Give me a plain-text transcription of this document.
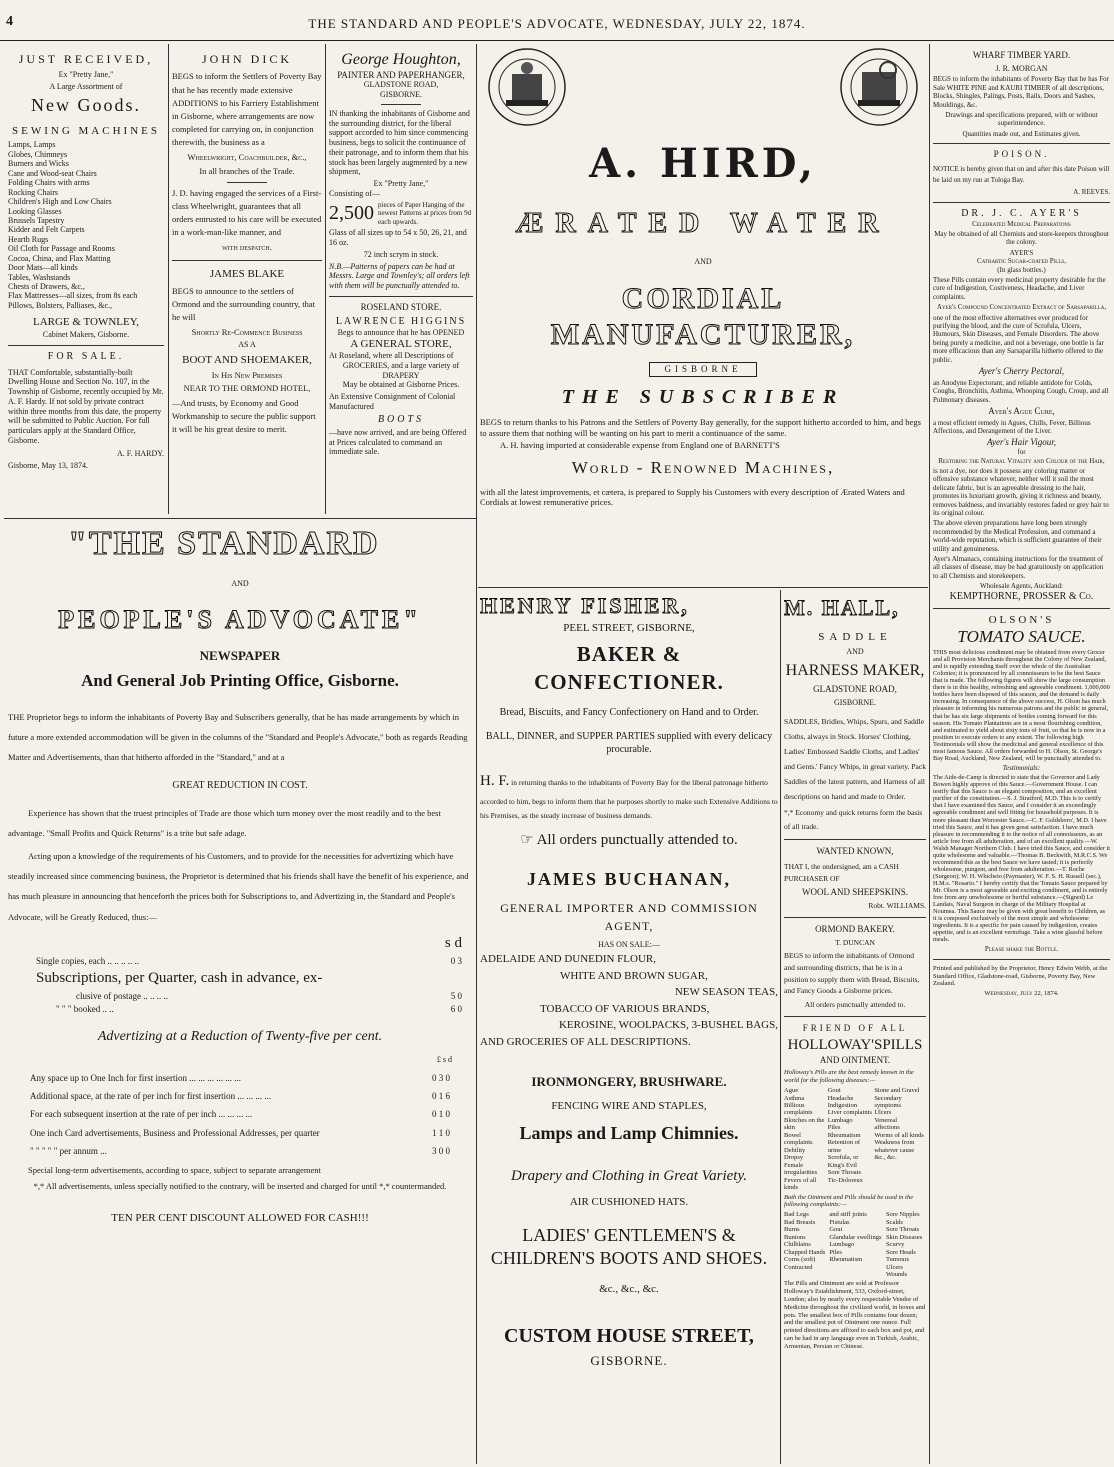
4	THE STANDARD AND PEOPLE'S ADVOCATE, WEDNESDAY, JULY 22, 1874.
JUST RECEIVED,
Ex "Pretty Jane,"
A Large Assortment of
New Goods.
SEWING MACHINES
Lamps, Lamps
Globes, Chimneys
Burners and Wicks
Cane and Wood-seat Chairs
Folding Chairs with arms
Rocking Chairs
Children's High and Low Chairs
Looking Glasses
Brussels Tapestry
Kidder and Felt Carpets
Hearth Rugs
Oil Cloth for Passage and Rooms
Cocoa, China, and Flax Matting
Door Mats—all kinds
Tables, Washstands
Chests of Drawers, &c.,
Flax Mattresses—all sizes, from 8s each
Pillows, Bolsters, Palliases, &c.,
LARGE & TOWNLEY,
Cabinet Makers, Gisborne.
FOR SALE.

THAT Comfortable, substantially-built Dwelling House and Section No. 107, in the Township of Gisborne, recently occupied by Mr. A. F. Hardy. If not sold by private contract within three months from this date, the property will be submitted to Public Auction. For full particulars apply at the Standard Office, Gisborne.

A. F. HARDY.
Gisborne, May 13, 1874.
JOHN DICK

BEGS to inform the Settlers of Poverty Bay that he has recently made extensive ADDITIONS to his Farriery Establishment in Gisborne, where arrangements are now completed for carrying on, in conjunction therewith, the business as a

Wheelwright, Coachbuilder, &c.,
In all branches of the Trade.

J. D. having engaged the services of a First-class Wheelwright, guarantees that all orders entrusted to his care will be executed in a work-man-like manner, and

with despatch.
JAMES BLAKE

BEGS to announce to the settlers of Ormond and the surrounding country, that he will

Shortly Re-Commence Business
AS A
BOOT AND SHOEMAKER,
In His New Premises
NEAR TO THE ORMOND HOTEL,

—And trusts, by Economy and Good Workmanship to secure the public support it will be his great desire to merit.

George Houghton,
PAINTER AND PAPERHANGER,
GLADSTONE ROAD,
GISBORNE.

IN thanking the inhabitants of Gisborne and the surrounding district, for the liberal support accorded to him since commencing business, begs to solicit the continuance of their patronage, and to inform them that his stock has been largely augmented by a new shipment,

Ex "Pretty Jane,"
Consisting of—
2,500 pieces of Paper Hanging of the newest Patterns at prices from 9d each upwards.

Glass of all sizes up to 54 x 50, 26, 21, and 16 oz.

72 inch scrym in stock.

N.B.—Patterns of papers can be had at Messrs. Large and Townley's; all orders left with them will be punctually attended to.

ROSELAND STORE.
LAWRENCE HIGGINS
Begs to announce that he has OPENED
A GENERAL STORE,
At Roseland, where all Descriptions of
GROCERIES, and a large variety of DRAPERY
May be obtained at Gisborne Prices.

An Extensive Consignment of Colonial Manufactured

BOOTS

—have now arrived, and are being Offered at Prices calculated to command an immediate sale.

"THE STANDARD
AND
PEOPLE'S ADVOCATE"
NEWSPAPER
And General Job Printing Office, Gisborne.

THE Proprietor begs to inform the inhabitants of Poverty Bay and Subscribers generally, that he has made arrangements by which in future a more extended accommodation will be given in the columns of the "Standard and People's Advocate," both as regards Reading Matter and Advertisements, than that hitherto afforded in the "Standard," and at a

GREAT REDUCTION IN COST.

Experience has shown that the truest principles of Trade are those which turn money over the most readily and to the best advantage. "Small Profits and Quick Returns" is a trite but safe adage.

Acting upon a knowledge of the requirements of his Customers, and to provide for the necessities for advertizing which have steadily increased since commencing business, the Proprietor is determined that his friends shall have the benefit of his experience, and has much pleasure in announcing that henceforth the prices both for Subscriptions to, and Advertizing in, the Standard and People's Advocate, will be Greatly Reduced, thus:—

s d
Single copies, each .. .. .. .. ..	0 3
Subscriptions, per Quarter, cash in advance, ex-
clusive of postage .. .. .. ..	5 0
" " " booked .. ..	6 0
Advertizing at a Reduction of Twenty-five per cent.
£ s d
Any space up to One Inch for first insertion ... ... ... ... ... ...	0 3 0
Additional space, at the rate of per inch for first insertion ... ... ... ...	0 1 6
For each subsequent insertion at the rate of per inch ... ... ... ...	0 1 0
One inch Card advertisements, Business and Professional Addresses, per quarter	1 1 0
" " " " " per annum ...	3 0 0

Special long-term advertisements, according to space, subject to separate arrangement

*,* All advertisements, unless specially notified to the contrary, will be inserted and charged for until *,* countermanded.

TEN PER CENT DISCOUNT ALLOWED FOR CASH!!!
A. HIRD,
ÆRATED WATER
AND
CORDIAL MANUFACTURER,
GISBORNE
THE SUBSCRIBER

BEGS to return thanks to his Patrons and the Settlers of Poverty Bay generally, for the support hitherto accorded to him, and begs to assure them that nothing will be wanting on his part to merit a continuance of the same.

A. H. having imported at considerable expense from England one of BARNETT'S

World - Renowned Machines,

with all the latest improvements, et cætera, is prepared to Supply his Customers with every description of Ærated Waters and Cordials at lowest remunerative prices.

HENRY FISHER,
PEEL STREET, GISBORNE,
BAKER & CONFECTIONER.

Bread, Biscuits, and Fancy Confectionery on Hand and to Order.

BALL, DINNER, and SUPPER PARTIES supplied with every delicacy procurable.

H. F. in returning thanks to the inhabitants of Poverty Bay for the liberal patronage hitherto accorded to him, begs to inform them that he purposes shortly to make such Extensive Additions to his Premises, as the steady increase of business demands.

☞ All orders punctually attended to.
JAMES BUCHANAN,
GENERAL IMPORTER AND COMMISSION AGENT,
HAS ON SALE:—
ADELAIDE AND DUNEDIN FLOUR,
WHITE AND BROWN SUGAR,
NEW SEASON TEAS,
TOBACCO OF VARIOUS BRANDS,
KEROSINE, WOOLPACKS, 3-BUSHEL BAGS,
AND GROCERIES OF ALL DESCRIPTIONS.
IRONMONGERY, BRUSHWARE.
FENCING WIRE AND STAPLES,
Lamps and Lamp Chimnies.
Drapery and Clothing in Great Variety.
AIR CUSHIONED HATS.
LADIES' GENTLEMEN'S & CHILDREN'S BOOTS AND SHOES.
&c., &c., &c.
CUSTOM HOUSE STREET,
GISBORNE.
M. HALL,
SADDLE
AND
HARNESS MAKER,
GLADSTONE ROAD,
GISBORNE.

SADDLES, Bridles, Whips, Spurs, and Saddle Cloths, always in Stock. Horses' Clothing, Ladies' Embossed Saddle Cloths, and Ladies' and Gents.' Fancy Whips, in great variety. Pack Saddles of the latest pattern, and Harness of all descriptions on hand and made to Order.

*,* Economy and quick returns form the basis of all trade.

WANTED KNOWN,

THAT I, the undersigned, am a CASH PURCHASER OF

WOOL AND SHEEPSKINS.
Robt. WILLIAMS.
ORMOND BAKERY.
T. DUNCAN

BEGS to inform the inhabitants of Ormond and surrounding districts, that he is in a position to supply them with Bread, Biscuits, and Fancy Goods a Gisborne prices.

All orders punctually attended to.
FRIEND OF ALL
HOLLOWAY'SPILLS
AND OINTMENT.

Holloway's Pills are the best remedy known in the world for the following diseases:—

Ague
Asthma
Billious complaints
Blotches on the skin
Bowel complaints
Debility
Dropsy
Female irregularities
Fevers of all kinds

Gout
Headache
Indigestion
Liver complaints
Lumbago
Piles
Rheumatism
Retention of urine
Scrofula, or King's Evil
Sore Throats
Tic-Doloreux

Stone and Gravel
Secondary symptoms
Ulcers
Venereal affections
Worms of all kinds
Weakness from whatever cause
&c., &c.

Both the Ointment and Pills should be used in the following complaints:—

Bad Legs
Bad Breasts
Burns
Bunions
Chilblains
Chapped Hands
Corns (soft)
Contracted

and stiff joints
Fistulas
Gout
Glandular swellings
Lumbago
Piles
Rheumatism

Sore Nipples
Scalds
Sore Throats
Skin Diseases
Scurvy
Sore Heads
Tumours
Ulcers
Wounds

The Pills and Ointment are sold at Professor Holloway's Establishment, 533, Oxford-street, London; also by nearly every respectable Vendor of Medicine throughout the civilized world, in boxes and pots. The smallest box of Pills contains four dozen; and the smallest pot of Ointment one ounce. Full printed directions are affixed to each box and pot, and can be had in any language even in Turkish, Arabic, Armenian, Persian or Chinese.

WHARF TIMBER YARD.
J. R. MORGAN

BEGS to inform the inhabitants of Poverty Bay that he has For Sale WHITE PINE and KAURI TIMBER of all descriptions, Blocks, Shingles, Palings, Posts, Rails, Doors and Sashes, Mouldings, &c.

Drawings and specifications prepared, with or without superintendence.

Quantities made out, and Estimates given.

POISON.

NOTICE is hereby given that on and after this date Poison will be laid on my run at Tologa Bay.

A. REEVES.
DR. J. C. AYER'S
Celebrated Medical Preparations

May be obtained of all Chemists and store-keepers throughout the colony.

AYER'S
Cathartic Sugar-coated Pills,
(In glass bottles.)

These Pills contain every medicinal property desirable for the cure of Indigestion, Costiveness, Headache, and Liver complaints.

Ayer's Compound Concentrated Extract of Sarsaparilla,

one of the most effective alternatives ever produced for purifying the blood, and the cure of Scrofula, Ulcers, Humours, Skin Diseases, and Female Disorders. The above being purely a medicine, and not a beverage, one bottle is far more efficacious than any Sarsaparilla hitherto offered to the public.

Ayer's Cherry Pectoral,

an Anodyne Expectorant, and reliable antidote for Colds, Coughs, Bronchitis, Asthma, Whooping Cough, Croup, and all Pulmonary diseases.

Ayer's Ague Cure,

a most efficient remedy in Agues, Chills, Fever, Billious Affections, and Derangement of the Liver.

Ayer's Hair Vigour,
for
Restoring the Natural Vitality and Colour of the Hair,

is not a dye, nor does it possess any coloring matter or offensive substance whatever, neither will it soil the most delicate fabric, but is an agreeable dressing to the hair, promotes its luxuriant growth, giving it richness and beauty, removes baldness, and invariably restores faded or grey hair to its original colour.

The above eleven preparations have long been strongly recommended by the Medical Profession, and command a world-wide reputation, which is sufficient guarantee of their utility and genuineness.

Ayer's Almanacs, containing instructions for the treatment of all classes of disease, may be had gratuitously on application to all Chemists and storekeepers.

Wholesale Agents, Auckland:
KEMPTHORNE, PROSSER & Co.
OLSON'S
TOMATO SAUCE.

THIS most delicious condiment may be obtained from every Grocer and all Provision Merchants throughout the Colony of New Zealand, and is rapidly extending itself over the whole of the Australian Colonies; it is pronounced by all connoisseurs to be the best Sauce that is made. The following figures will show the large consumption there is in this healthy, refreshing and agreeable condiment. 1,000,000 bottles have been disposed of this season, and the demand is daily increasing. In consequence of the above success, H. Olson has much pleasure in informing his numerous patrons and the public in general, that he has six large shipments of bottles coming forward for this season. His Tomato Plantations are in a most flourishing condition, and estimated to yield about sixty tons of fruit, so that he is now in a position to execute orders to any extent. The following high Testimonials will show the medicinal and general excellence of this most famous Sauce. All orders forwarded to H. Olson, St. George's Bay Road, Auckland, New Zealand, will be punctually attended to.

Testimonials:

The Aide-de-Camp is directed to state that the Governor and Lady Bowen highly approve of this Sauce.—Government House. I can testify that this Sauce is an elegant composition, and an excellent purifier of the constitution.—S. J. Stratford, M.D. This is to certify that I have examined this Sauce, and I consider it an exceedingly agreeable condiment and well fitting for household purposes. It is more pleasant than Worcester Sauce.—C. F. Goldsboro', M.D. I have tried this Sauce, and it has given great satisfaction. I have much pleasure in recommending it to the notice of all connoisseurs, as an article free from all adulteration, and of an excellent quality.—W. Walsh Manager Northern Club. I have tried this Sauce, and consider it quite wholesome and valuable.—Thomas B. Beckwith, M.R.C.S. We recommend this as the best Sauce we have tasted; it is perfectly wholesome, pungent, and free from adulteration.—T. Roche (Surgeon); W. H. Whicheio (Paymaster), W. F. S. H. Russell (sec.), H.M.s. "Rosario." I hereby certify that the Tomato Sauce prepared by Mr. Olson is a most agreeable and exciting condiment, and is entirely free from any unwholesome or hurtful substance.—(Signed) Le Landais, Naval Surgeon in charge of the Military Hospital at Noumea. This Sauce may be given with great benefit to Children, as it is composed exclusively of the most simple and wholesome ingredients. It is a specific for pain caused by indigestion, creates appetite, and is an excellent vermifuge. Take a wine glassful before meals.

Please shake the Bottle.

Printed and published by the Proprietor, Henry Edwin Webb, at the Standard Office, Gladstone-road, Gisborne, Poverty Bay, New Zealand.

Wednesday, July 22, 1874.
